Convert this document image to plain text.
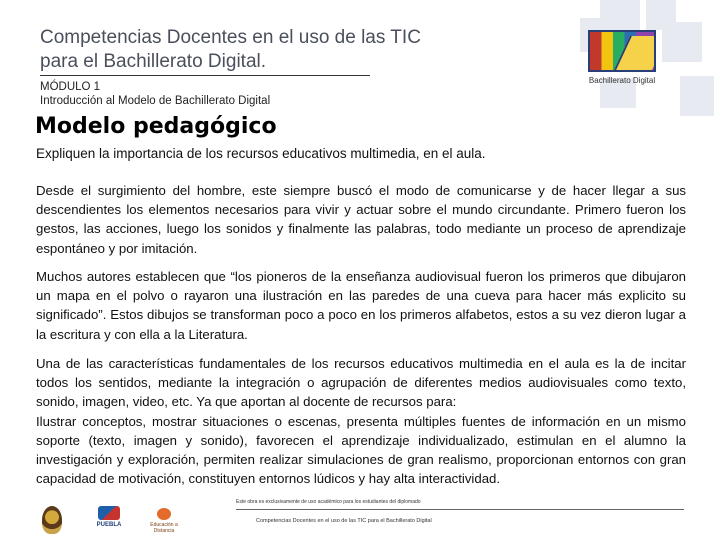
Competencias Docentes en el uso de las TIC
para el Bachillerato Digital.
MÓDULO 1
Introducción al Modelo de Bachillerato Digital
Bachillerato Digital
Modelo pedagógico
Expliquen la importancia de los recursos educativos multimedia, en el aula.

Desde el surgimiento del hombre, este siempre buscó el modo de comunicarse y de hacer llegar a sus descendientes los elementos necesarios para vivir y actuar sobre el mundo circundante. Primero fueron los gestos, las acciones, luego los sonidos y finalmente las palabras, todo mediante un proceso de aprendizaje espontáneo y por imitación.

Muchos autores establecen que “los pioneros de la enseñanza audiovisual fueron los primeros que dibujaron un mapa en el polvo o rayaron una ilustración en las paredes de una cueva para hacer más explicito su significado”. Estos dibujos se transforman poco a poco en los primeros alfabetos, estos a su vez dieron lugar a la escritura y con ella a la Literatura.

Una de las características fundamentales de los recursos educativos multimedia en el aula es la de incitar todos los sentidos, mediante la integración o agrupación de diferentes medios audiovisuales como texto, sonido, imagen, video, etc. Ya que aportan al docente de recursos para:
Ilustrar conceptos, mostrar situaciones o escenas, presenta múltiples fuentes de información en un mismo soporte (texto, imagen y sonido), favorecen el aprendizaje individualizado, estimulan en el alumno la investigación y exploración, permiten realizar simulaciones de gran realismo, proporcionan entornos con gran capacidad de motivación, constituyen entornos lúdicos y hay alta interactividad.

Este obra es exclusivamente de uso académico para los estudiantes del diplomado
Competencias Docentes en el uso de las TIC para el Bachillerato Digital
PUEBLA	Educación a Distancia
